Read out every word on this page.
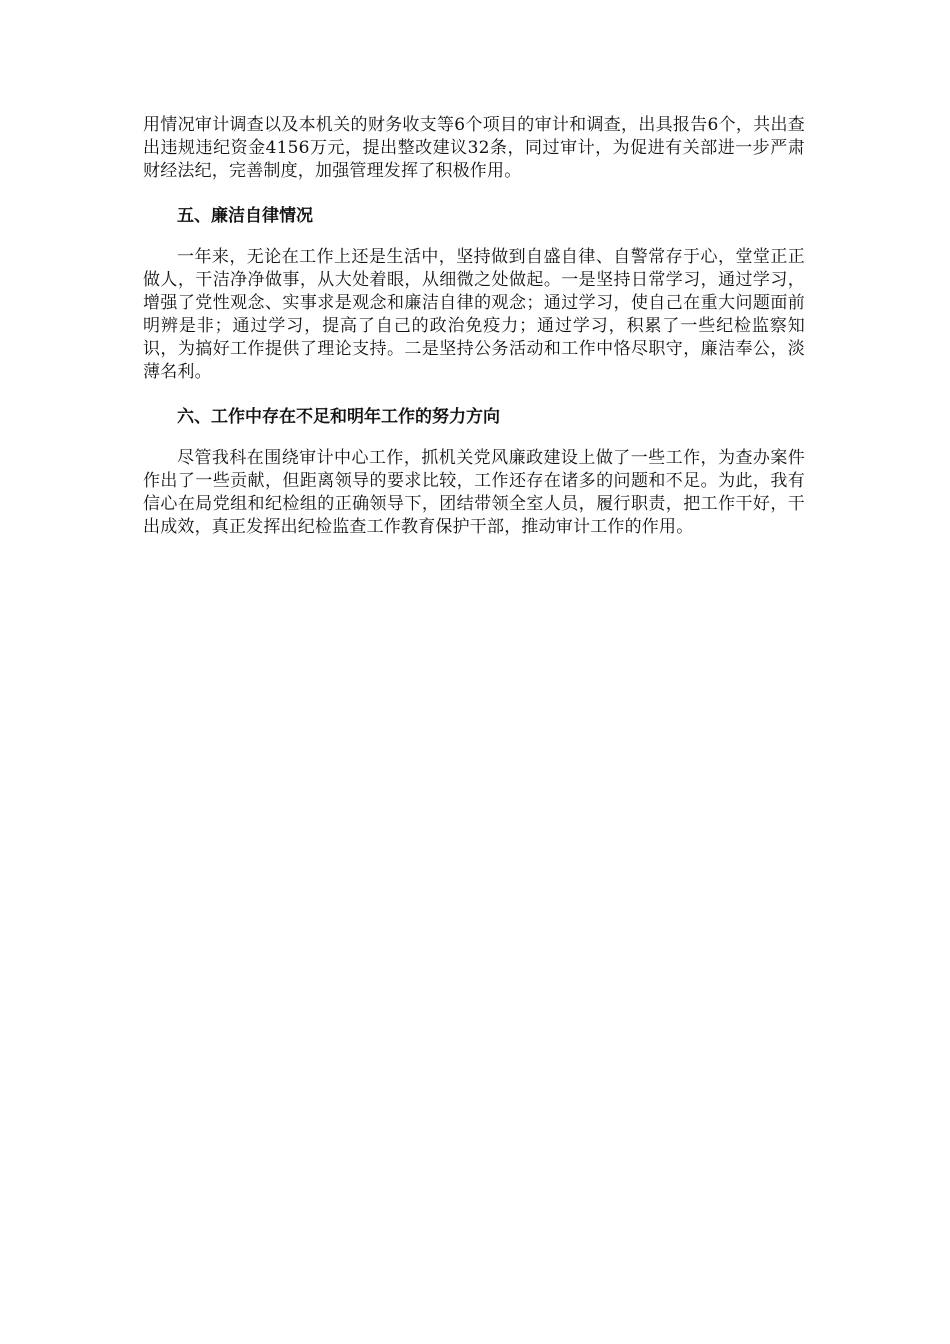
用情况审计调查以及本机关的财务收支等6个项目的审计和调查，出具报告6个，共出查出违规违纪资金4156万元，提出整改建议32条，同过审计，为促进有关部进一步严肃财经法纪，完善制度，加强管理发挥了积极作用。

五、廉洁自律情况

一年来，无论在工作上还是生活中，坚持做到自盛自律、自警常存于心，堂堂正正做人，干洁净净做事，从大处着眼，从细微之处做起。一是坚持日常学习，通过学习，增强了党性观念、实事求是观念和廉洁自律的观念；通过学习，使自己在重大问题面前明辨是非；通过学习，提高了自己的政治免疫力；通过学习，积累了一些纪检监察知识，为搞好工作提供了理论支持。二是坚持公务活动和工作中恪尽职守，廉洁奉公，淡薄名利。

六、工作中存在不足和明年工作的努力方向

尽管我科在围绕审计中心工作，抓机关党风廉政建设上做了一些工作，为查办案件作出了一些贡献，但距离领导的要求比较，工作还存在诸多的问题和不足。为此，我有信心在局党组和纪检组的正确领导下，团结带领全室人员，履行职责，把工作干好，干出成效，真正发挥出纪检监查工作教育保护干部，推动审计工作的作用。
